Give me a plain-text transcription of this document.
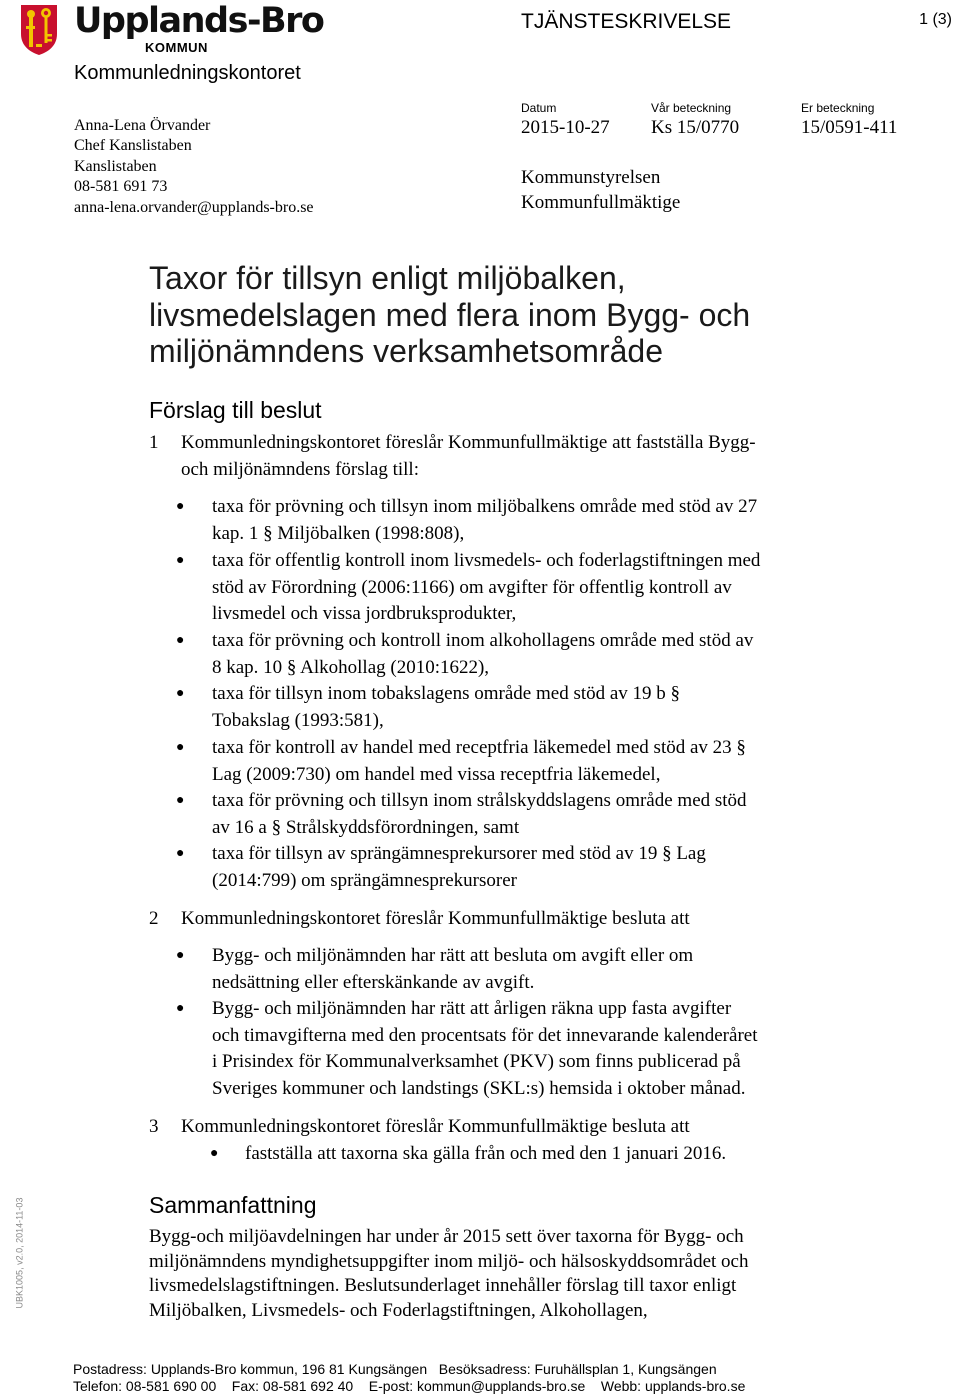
Upplands-Bro
KOMMUN
TJÄNSTESKRIVELSE	1 (3)
Kommunledningskontoret
Anna-Lena Örvander
Chef Kanslistaben
Kanslistaben
08-581 691 73
anna-lena.orvander@upplands-bro.se
Datum
2015-10-27
Vår beteckning
Ks 15/0770
Er beteckning
15/0591-411
Kommunstyrelsen
Kommunfullmäktige
Taxor för tillsyn enligt miljöbalken,
livsmedelslagen med flera inom Bygg- och
miljönämndens verksamhetsområde
Förslag till beslut
1 Kommunledningskontoret föreslår Kommunfullmäktige att fastställa Bygg-
och miljönämndens förslag till:
● taxa för prövning och tillsyn inom miljöbalkens område med stöd av 27
kap. 1 § Miljöbalken (1998:808),
● taxa för offentlig kontroll inom livsmedels- och foderlagstiftningen med
stöd av Förordning (2006:1166) om avgifter för offentlig kontroll av
livsmedel och vissa jordbruksprodukter,
● taxa för prövning och kontroll inom alkohollagens område med stöd av
8 kap. 10 § Alkohollag (2010:1622),
● taxa för tillsyn inom tobakslagens område med stöd av 19 b §
Tobakslag (1993:581),
● taxa för kontroll av handel med receptfria läkemedel med stöd av 23 §
Lag (2009:730) om handel med vissa receptfria läkemedel,
● taxa för prövning och tillsyn inom strålskyddslagens område med stöd
av 16 a § Strålskyddsförordningen, samt
● taxa för tillsyn av sprängämnesprekursorer med stöd av 19 § Lag
(2014:799) om sprängämnesprekursorer
2 Kommunledningskontoret föreslår Kommunfullmäktige besluta att
● Bygg- och miljönämnden har rätt att besluta om avgift eller om
nedsättning eller efterskänkande av avgift.
● Bygg- och miljönämnden har rätt att årligen räkna upp fasta avgifter
och timavgifterna med den procentsats för det innevarande kalenderåret
i Prisindex för Kommunalverksamhet (PKV) som finns publicerad på
Sveriges kommuner och landstings (SKL:s) hemsida i oktober månad.
3 Kommunledningskontoret föreslår Kommunfullmäktige besluta att
● fastställa att taxorna ska gälla från och med den 1 januari 2016.
Sammanfattning
Bygg-och miljöavdelningen har under år 2015 sett över taxorna för Bygg- och
miljönämndens myndighetsuppgifter inom miljö- och hälsoskyddsområdet och
livsmedelslagstiftningen. Beslutsunderlaget innehåller förslag till taxor enligt
Miljöbalken, Livsmedels- och Foderlagstiftningen, Alkohollagen,
UBK1005, v2.0, 2014-11-03
Postadress: Upplands-Bro kommun, 196 81 Kungsängen   Besöksadress: Furuhällsplan 1, Kungsängen
Telefon: 08-581 690 00    Fax: 08-581 692 40    E-post: kommun@upplands-bro.se    Webb: upplands-bro.se
